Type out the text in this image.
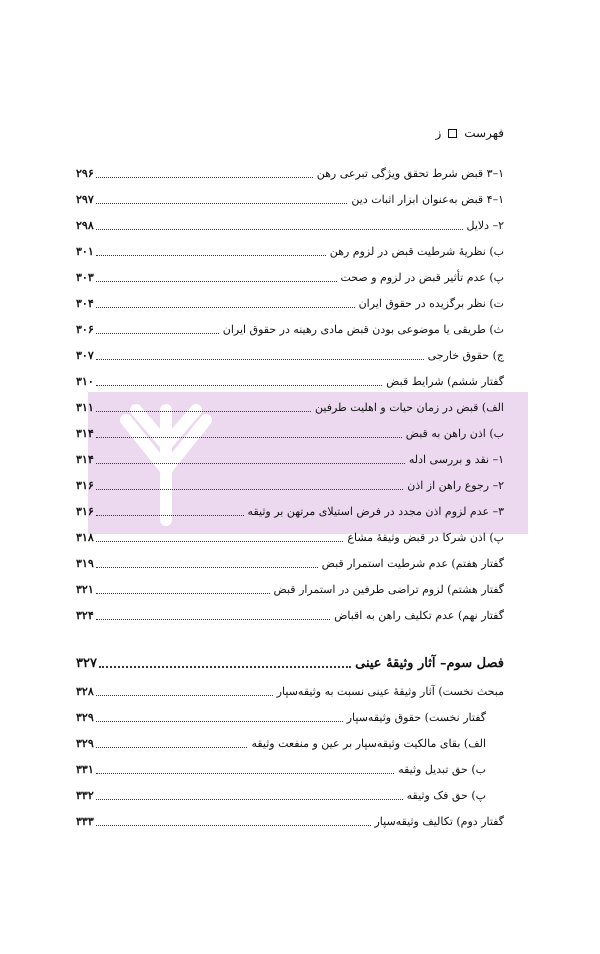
فهرست
ز
۱–۳ قبض شرط تحقق ویژگی تبرعی رهن
۲۹۶
۱–۴ قبض به‌عنوان ابزار اثبات دین
۲۹۷
۲– دلایل
۲۹۸
ب) نظریهٔ شرطیت قبض در لزوم رهن
۳۰۱
پ) عدم تأثیر قبض در لزوم و صحت
۳۰۳
ت) نظر برگزیده در حقوق ایران
۳۰۴
ث) طریقی یا موضوعی بودن قبض مادی رهینه در حقوق ایران
۳۰۶
ج) حقوق خارجی
۳۰۷
گفتار ششم) شرایط قبض
۳۱۰
الف) قبض در زمان حیات و اهلیت طرفین
۳۱۱
ب) اذن راهن به قبض
۳۱۴
۱– نقد و بررسی ادله
۳۱۴
۲– رجوع راهن از اذن
۳۱۶
۳– عدم لزوم اذن مجدد در فرض استیلای مرتهن بر وثیقه
۳۱۶
پ) اذن شرکا در قبض وثیقهٔ مشاع
۳۱۸
گفتار هفتم) عدم شرطیت استمرار قبض
۳۱۹
گفتار هشتم) لزوم تراضی طرفین در استمرار قبض
۳۲۱
گفتار نهم) عدم تکلیف راهن به اقباض
۳۲۴
فصل سوم– آثار وثیقهٔ عینی
۳۲۷
مبحث نخست) آثار وثیقهٔ عینی نسبت به وثیقه‌سپار
۳۲۸
گفتار نخست) حقوق وثیقه‌سپار
۳۲۹
الف) بقای مالکیت وثیقه‌سپار بر عین و منفعت وثیقه
۳۲۹
ب) حق تبدیل وثیقه
۳۳۱
پ) حق فک وثیقه
۳۳۲
گفتار دوم) تکالیف وثیقه‌سپار
۳۳۳
